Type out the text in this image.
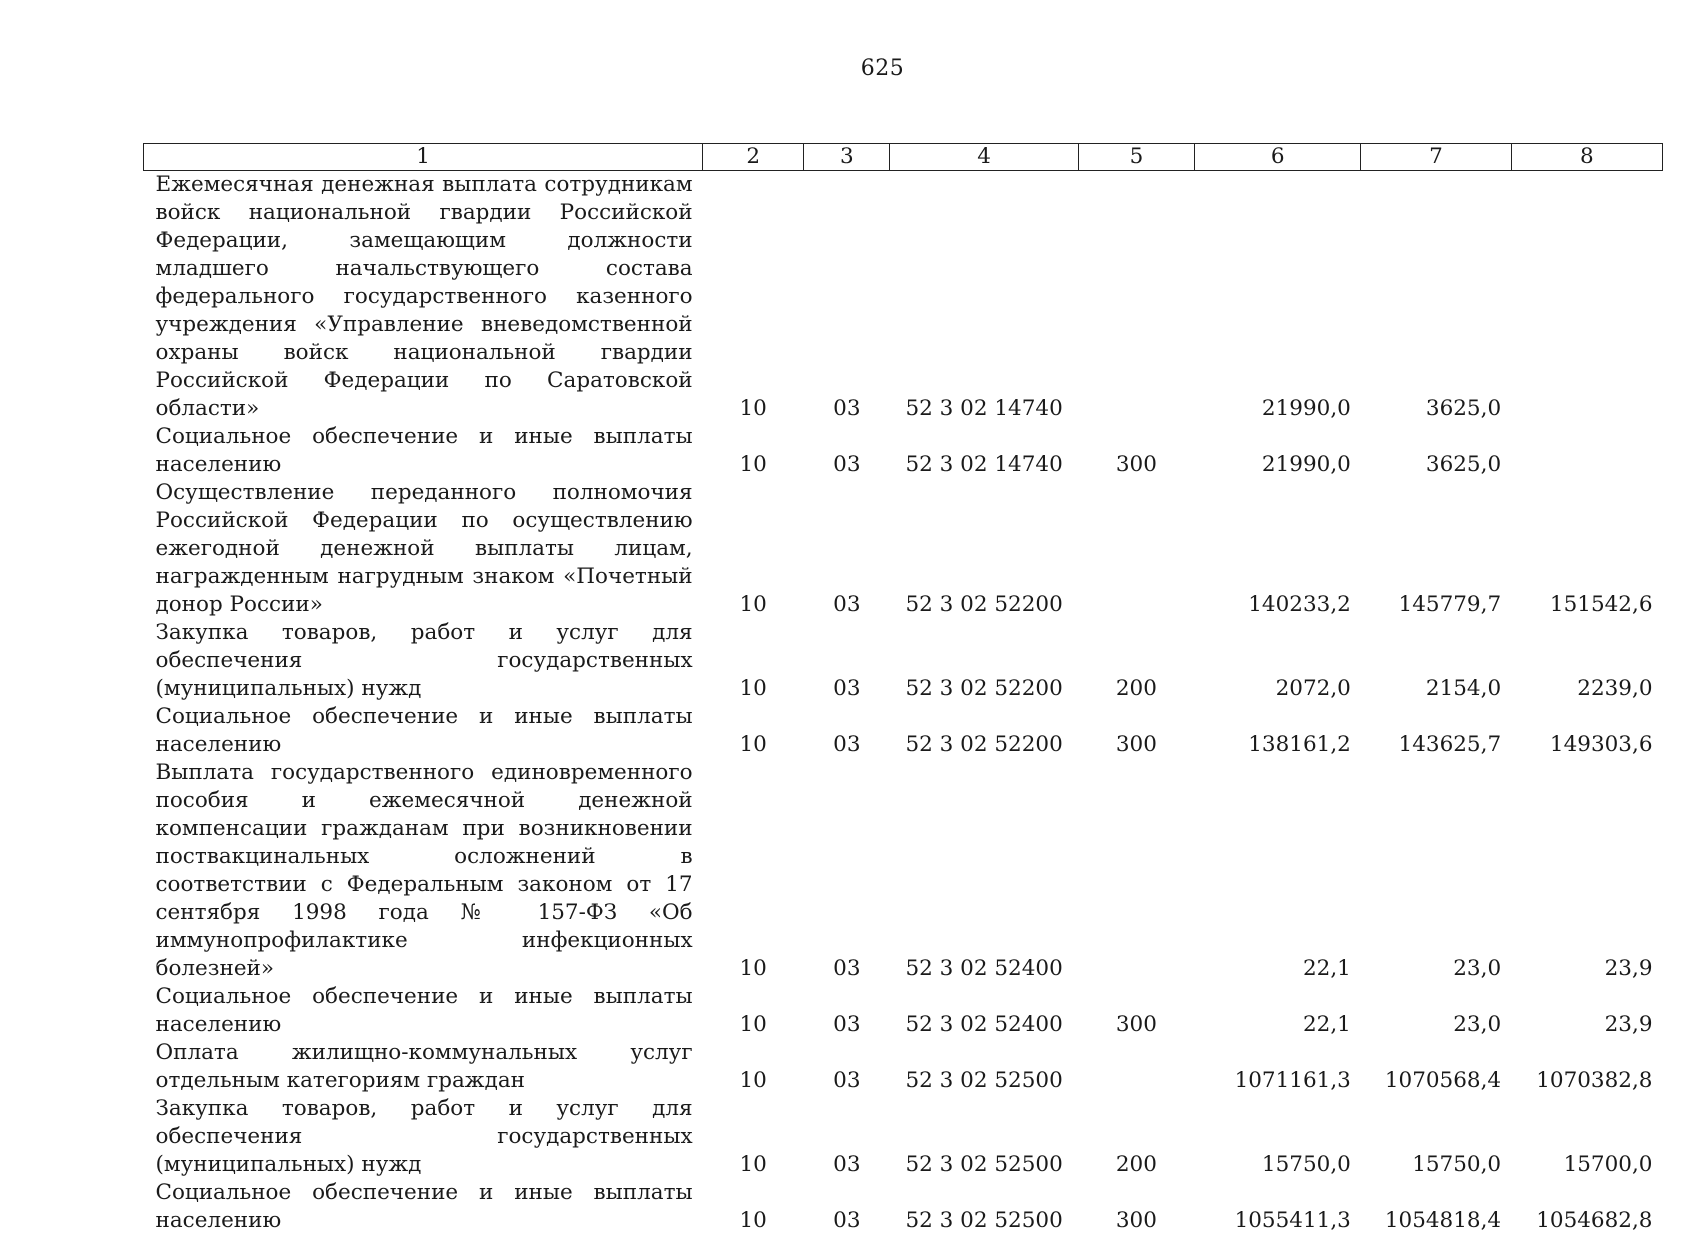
625
1	2	3	4	5	6	7	8
Ежемесячная денежная выплата сотрудникам войск национальной гвардии Российской Федерации, замещающим должности младшего начальствующего состава федерального государственного казенного учреждения «Управление вневедомственной охраны войск национальной гвардии Российской Федерации по Саратовской области»	10	03	52 3 02 14740		21990,0	3625,0	
Социальное обеспечение и иные выплаты населению	10	03	52 3 02 14740	300	21990,0	3625,0	
Осуществление переданного полномочия Российской Федерации по осуществлению ежегодной денежной выплаты лицам, награжденным нагрудным знаком «Почетный донор России»	10	03	52 3 02 52200		140233,2	145779,7	151542,6
Закупка товаров, работ и услуг для обеспечения государственных (муниципальных) нужд	10	03	52 3 02 52200	200	2072,0	2154,0	2239,0
Социальное обеспечение и иные выплаты населению	10	03	52 3 02 52200	300	138161,2	143625,7	149303,6
Выплата государственного единовременного пособия и ежемесячной денежной компенсации гражданам при возникновении поствакцинальных осложнений в соответствии с Федеральным законом от 17 сентября 1998 года № 157-ФЗ «Об иммунопрофилактике инфекционных болезней»	10	03	52 3 02 52400		22,1	23,0	23,9
Социальное обеспечение и иные выплаты населению	10	03	52 3 02 52400	300	22,1	23,0	23,9
Оплата жилищно-коммунальных услуг отдельным категориям граждан	10	03	52 3 02 52500		1071161,3	1070568,4	1070382,8
Закупка товаров, работ и услуг для обеспечения государственных (муниципальных) нужд	10	03	52 3 02 52500	200	15750,0	15750,0	15700,0
Социальное обеспечение и иные выплаты населению	10	03	52 3 02 52500	300	1055411,3	1054818,4	1054682,8
